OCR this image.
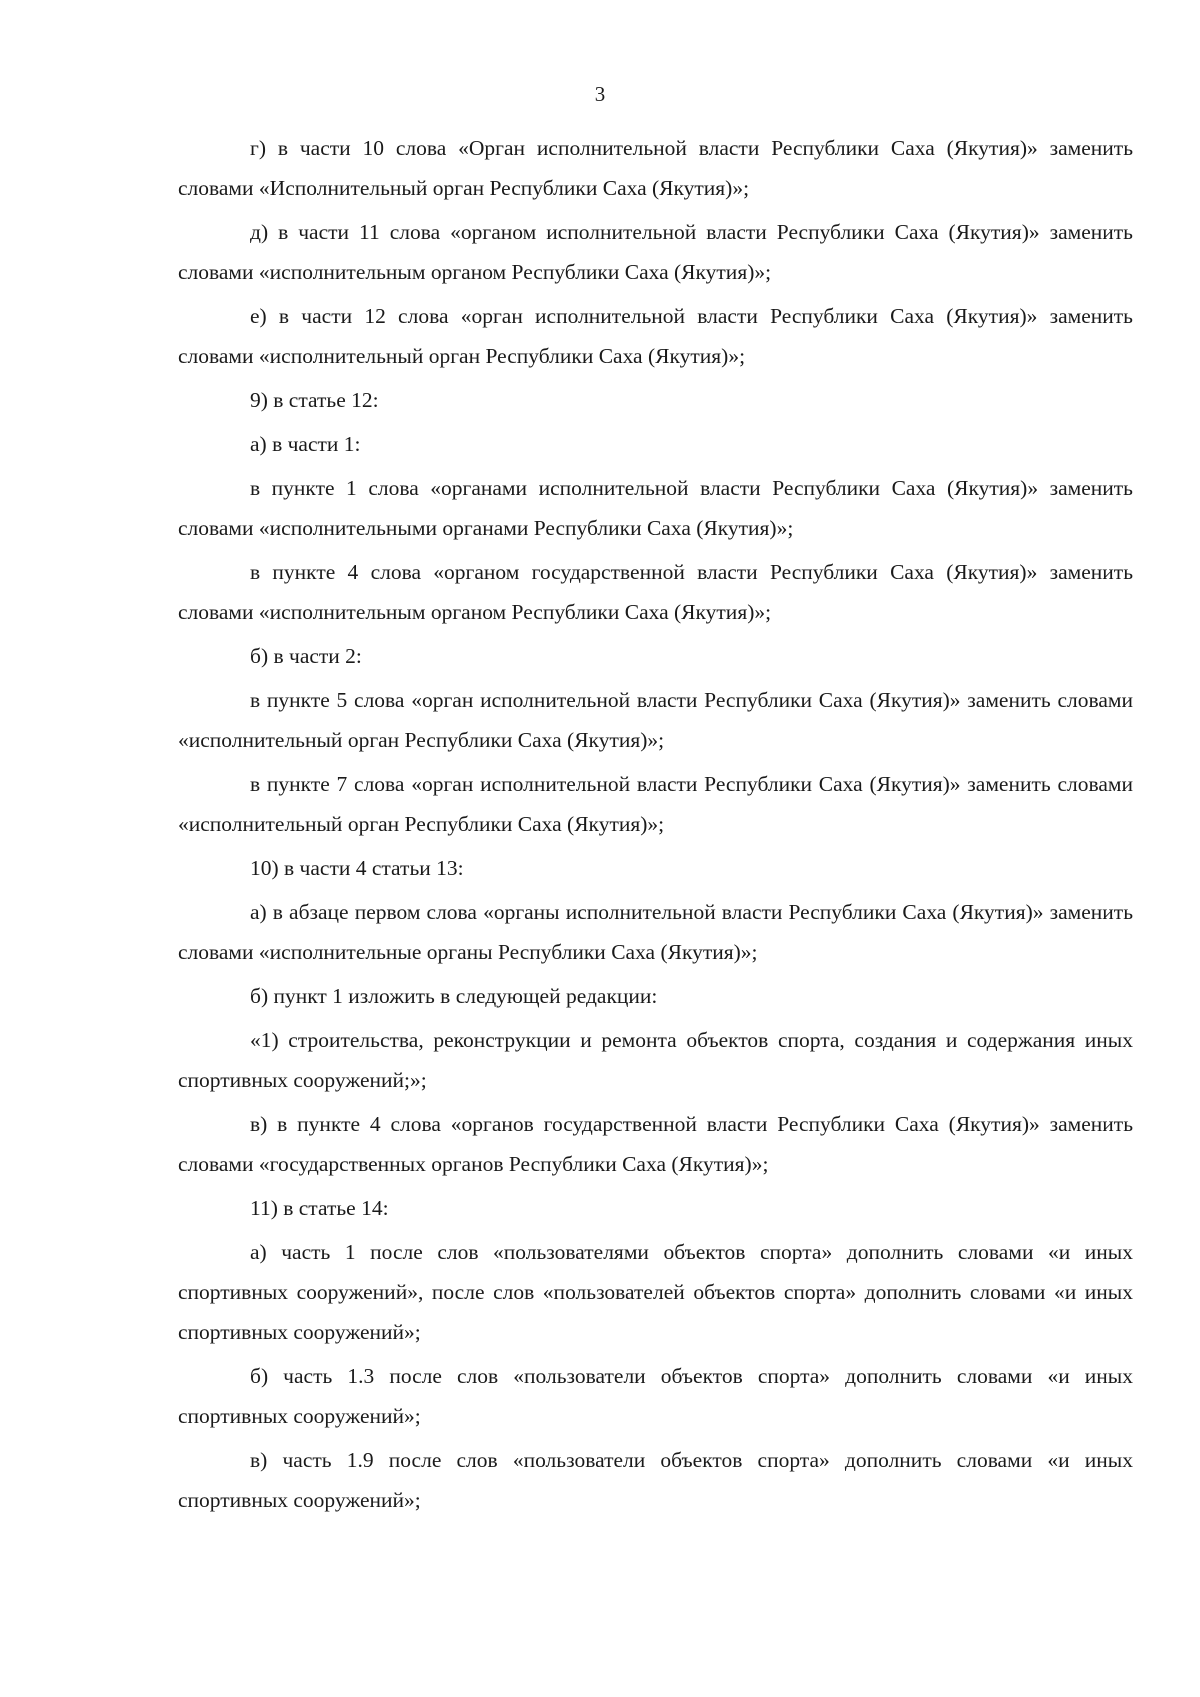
3

г) в части 10 слова «Орган исполнительной власти Республики Саха (Якутия)» заменить словами «Исполнительный орган Республики Саха (Якутия)»;

д) в части 11 слова «органом исполнительной власти Республики Саха (Якутия)» заменить словами «исполнительным органом Республики Саха (Якутия)»;

е) в части 12 слова «орган исполнительной власти Республики Саха (Якутия)» заменить словами «исполнительный орган Республики Саха (Якутия)»;

9) в статье 12:

а) в части 1:

в пункте 1 слова «органами исполнительной власти Республики Саха (Якутия)» заменить словами «исполнительными органами Республики Саха (Якутия)»;

в пункте 4 слова «органом государственной власти Республики Саха (Якутия)» заменить словами «исполнительным органом Республики Саха (Якутия)»;

б) в части 2:

в пункте 5 слова «орган исполнительной власти Республики Саха (Якутия)» заменить словами «исполнительный орган Республики Саха (Якутия)»;

в пункте 7 слова «орган исполнительной власти Республики Саха (Якутия)» заменить словами «исполнительный орган Республики Саха (Якутия)»;

10) в части 4 статьи 13:

а) в абзаце первом слова «органы исполнительной власти Республики Саха (Якутия)» заменить словами «исполнительные органы Республики Саха (Якутия)»;

б) пункт 1 изложить в следующей редакции:

«1) строительства, реконструкции и ремонта объектов спорта, создания и содержания иных спортивных сооружений;»;

в) в пункте 4 слова «органов государственной власти Республики Саха (Якутия)» заменить словами «государственных органов Республики Саха (Якутия)»;

11) в статье 14:

а) часть 1 после слов «пользователями объектов спорта» дополнить словами «и иных спортивных сооружений», после слов «пользователей объектов спорта» дополнить словами «и иных спортивных сооружений»;

б) часть 1.3 после слов «пользователи объектов спорта» дополнить словами «и иных спортивных сооружений»;

в) часть 1.9 после слов «пользователи объектов спорта» дополнить словами «и иных спортивных сооружений»;
